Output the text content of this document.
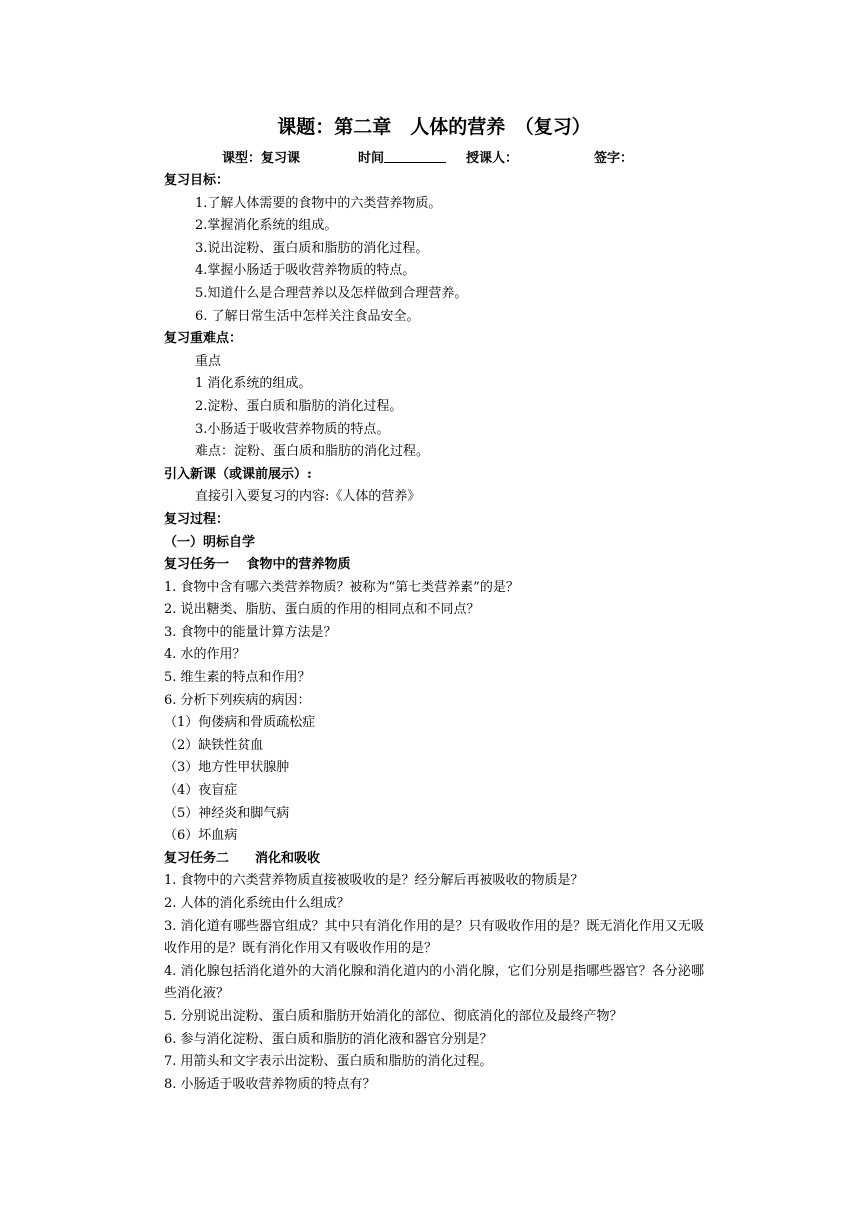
课题：第二章　人体的营养　（复习）

课型：复习课

	时间

	授课人：

	签字：

复习目标：
1.了解人体需要的食物中的六类营养物质。
2.掌握消化系统的组成。
3.说出淀粉、蛋白质和脂肪的消化过程。
4.掌握小肠适于吸收营养物质的特点。
5.知道什么是合理营养以及怎样做到合理营养。
6. 了解日常生活中怎样关注食品安全。
复习重难点：
重点
1 消化系统的组成。
2.淀粉、蛋白质和脂肪的消化过程。
3.小肠适于吸收营养物质的特点。
难点：淀粉、蛋白质和脂肪的消化过程。
引入新课（或课前展示）:
直接引入要复习的内容:《人体的营养》
复习过程：
（一）明标自学
复习任务一　 食物中的营养物质
1. 食物中含有哪六类营养物质？被称为“第七类营养素”的是？
2. 说出糖类、脂肪、蛋白质的作用的相同点和不同点？
3. 食物中的能量计算方法是？
4. 水的作用？
5. 维生素的特点和作用？
6. 分析下列疾病的病因：
（1）佝偻病和骨质疏松症
（2）缺铁性贫血
（3）地方性甲状腺肿
（4）夜盲症
（5）神经炎和脚气病
（6）坏血病
复习任务二　　消化和吸收
1. 食物中的六类营养物质直接被吸收的是？经分解后再被吸收的物质是？
2. 人体的消化系统由什么组成？
3. 消化道有哪些器官组成？其中只有消化作用的是？只有吸收作用的是？既无消化作用又无吸收作用的是？既有消化作用又有吸收作用的是？
4. 消化腺包括消化道外的大消化腺和消化道内的小消化腺，它们分别是指哪些器官？各分泌哪些消化液？
5. 分别说出淀粉、蛋白质和脂肪开始消化的部位、彻底消化的部位及最终产物？
6. 参与消化淀粉、蛋白质和脂肪的消化液和器官分别是？
7. 用箭头和文字表示出淀粉、蛋白质和脂肪的消化过程。
8. 小肠适于吸收营养物质的特点有？
